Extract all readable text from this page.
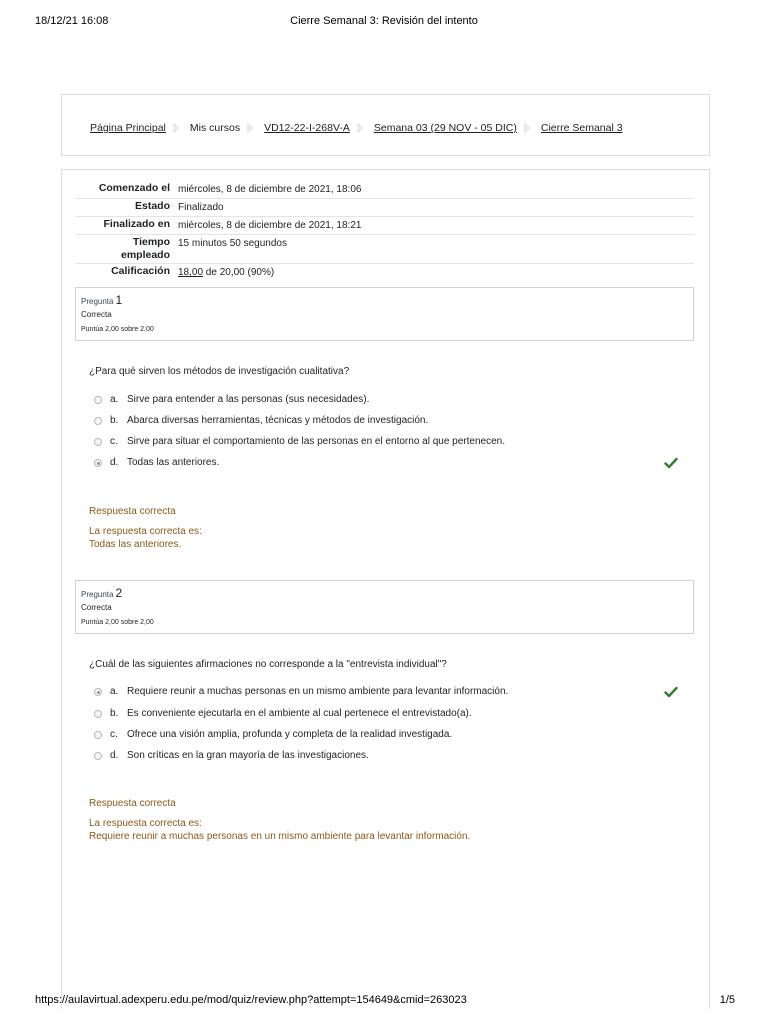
18/12/21 16:08	Cierre Semanal 3: Revisión del intento
Página Principal Mis cursos VD12-22-I-268V-A Semana 03 (29 NOV - 05 DIC) Cierre Semanal 3
Comenzado el miércoles, 8 de diciembre de 2021, 18:06
Estado Finalizado
Finalizado en miércoles, 8 de diciembre de 2021, 18:21
Tiempo
empleado
15 minutos 50 segundos
Calificación 18,00 de 20,00 (90%)
Pregunta 1
Correcta
Puntúa 2,00 sobre 2,00
¿Para qué sirven los métodos de investigación cualitativa?
a. Sirve para entender a las personas (sus necesidades).
b. Abarca diversas herramientas, técnicas y métodos de investigación.
c. Sirve para situar el comportamiento de las personas en el entorno al que pertenecen.
d. Todas las anteriores.
Respuesta correcta
La respuesta correcta es:
Todas las anteriores.
Pregunta 2
Correcta
Puntúa 2,00 sobre 2,00
¿Cuál de las siguientes afirmaciones no corresponde a la "entrevista individual"?
a. Requiere reunir a muchas personas en un mismo ambiente para levantar información.
b. Es conveniente ejecutarla en el ambiente al cual pertenece el entrevistado(a).
c. Ofrece una visión amplia, profunda y completa de la realidad investigada.
d. Son críticas en la gran mayoría de las investigaciones.
Respuesta correcta
La respuesta correcta es:
Requiere reunir a muchas personas en un mismo ambiente para levantar información.
https://aulavirtual.adexperu.edu.pe/mod/quiz/review.php?attempt=154649&cmid=263023	1/5
